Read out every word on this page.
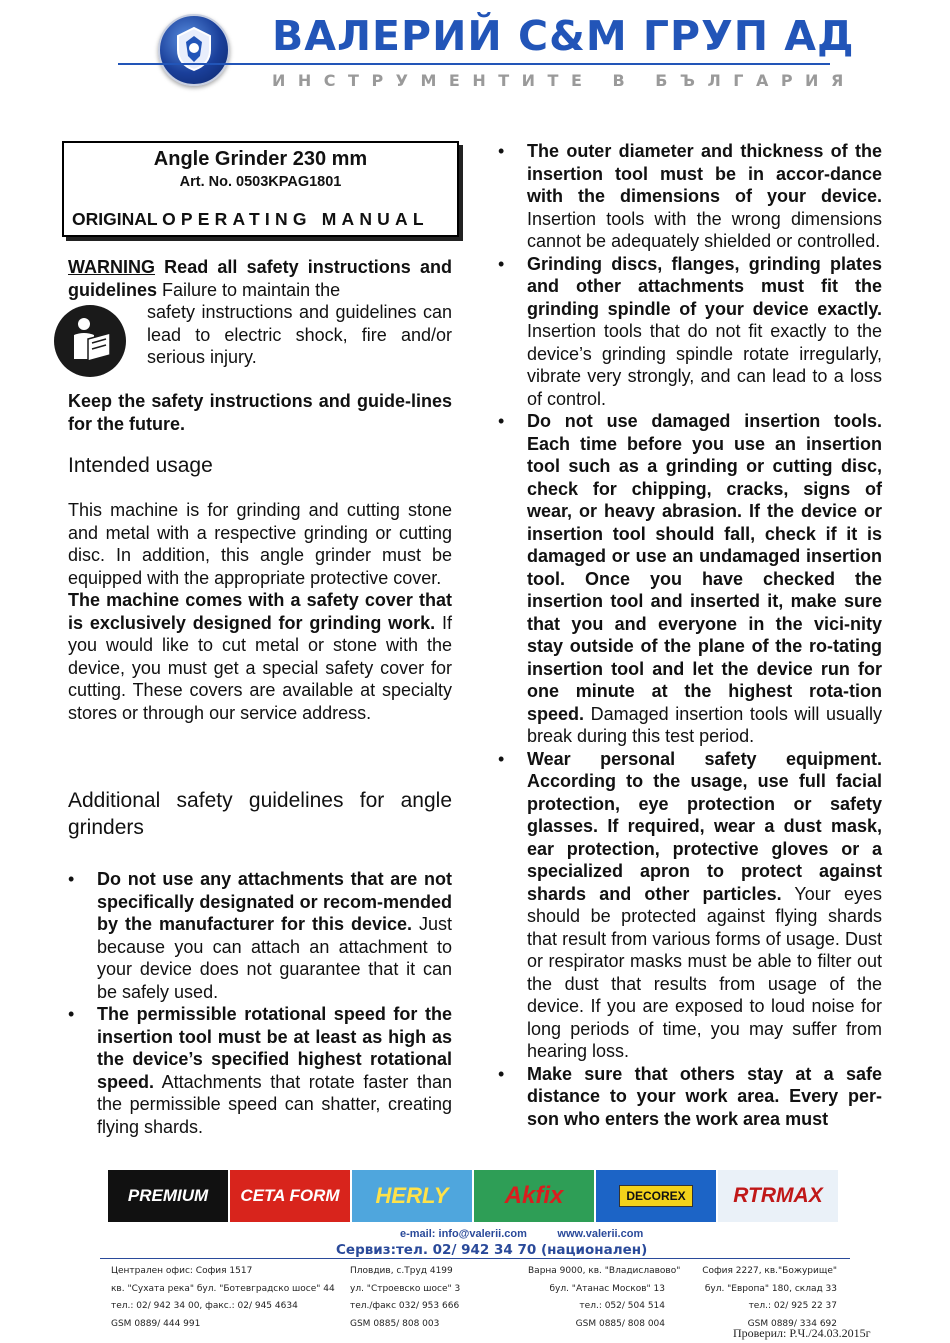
ВАЛЕРИЙ С&M ГРУП АД
ИНСТРУМЕНТИТЕ В БЪЛГАРИЯ
Angle Grinder 230 mm
Art. No. 0503KPAG1801
ORIGINAL OPERATING MANUAL
WARNING Read all safety instructions and guidelines Failure to maintain the
safety instructions and guidelines can lead to electric shock, fire and/or serious injury.
Keep the safety instructions and guide-lines for the future.
Intended usage
This machine is for grinding and cutting stone and metal with a respective grinding or cutting disc. In addition, this angle grinder must be equipped with the appropriate protective cover.
The machine comes with a safety cover that is exclusively designed for grinding work. If you would like to cut metal or stone with the device, you must get a special safety cover for cutting. These covers are available at specialty stores or through our service address.
Additional safety guidelines for angle grinders
• Do not use any attachments that are not specifically designated or recom-mended by the manufacturer for this device. Just because you can attach an attachment to your device does not guarantee that it can be safely used.
• The permissible rotational speed for the insertion tool must be at least as high as the device’s specified highest rotational speed. Attachments that rotate faster than the permissible speed can shatter, creating flying shards.
• The outer diameter and thickness of the insertion tool must be in accor-dance with the dimensions of your device. Insertion tools with the wrong dimensions cannot be adequately shielded or controlled.
• Grinding discs, flanges, grinding plates and other attachments must fit the grinding spindle of your device exactly. Insertion tools that do not fit exactly to the device’s grinding spindle rotate irregularly, vibrate very strongly, and can lead to a loss of control.
• Do not use damaged insertion tools. Each time before you use an insertion tool such as a grinding or cutting disc, check for chipping, cracks, signs of wear, or heavy abrasion. If the device or insertion tool should fall, check if it is damaged or use an undamaged insertion tool. Once you have checked the insertion tool and inserted it, make sure that you and everyone in the vici-nity stay outside of the plane of the ro-tating insertion tool and let the device run for one minute at the highest rota-tion speed. Damaged insertion tools will usually break during this test period.
• Wear personal safety equipment. According to the usage, use full facial protection, eye protection or safety glasses. If required, wear a dust mask, ear protection, protective gloves or a specialized apron to protect against shards and other particles. Your eyes should be protected against flying shards that result from various forms of usage. Dust or respirator masks must be able to filter out the dust that results from usage of the device. If you are exposed to loud noise for long periods of time, you may suffer from hearing loss.
• Make sure that others stay at a safe distance to your work area. Every per-son who enters the work area must
PREMIUM	CETA FORM	HERLY	Akfix	DECOREX	RTRMAX
e-mail: info@valerii.com          www.valerii.com
Сервиз:тел. 02/ 942 34 70 (национален)
Централен офис: София 1517
кв. "Сухата река" бул. "Ботевградско шосе" 44
тел.: 02/ 942 34 00, факс.: 02/ 945 4634
GSM 0889/ 444 991
Пловдив, с.Труд 4199
ул. "Строевско шосе" 3
тел./факс 032/ 953 666
GSM 0885/ 808 003
Варна 9000, кв. "Владиславово"
бул. "Атанас Москов" 13
тел.: 052/ 504 514
GSM 0885/ 808 004
София 2227, кв."Божурище"
бул. "Европа" 180, склад 33
тел.: 02/ 925 22 37
GSM 0889/ 334 692
Проверил: Р.Ч./24.03.2015г
